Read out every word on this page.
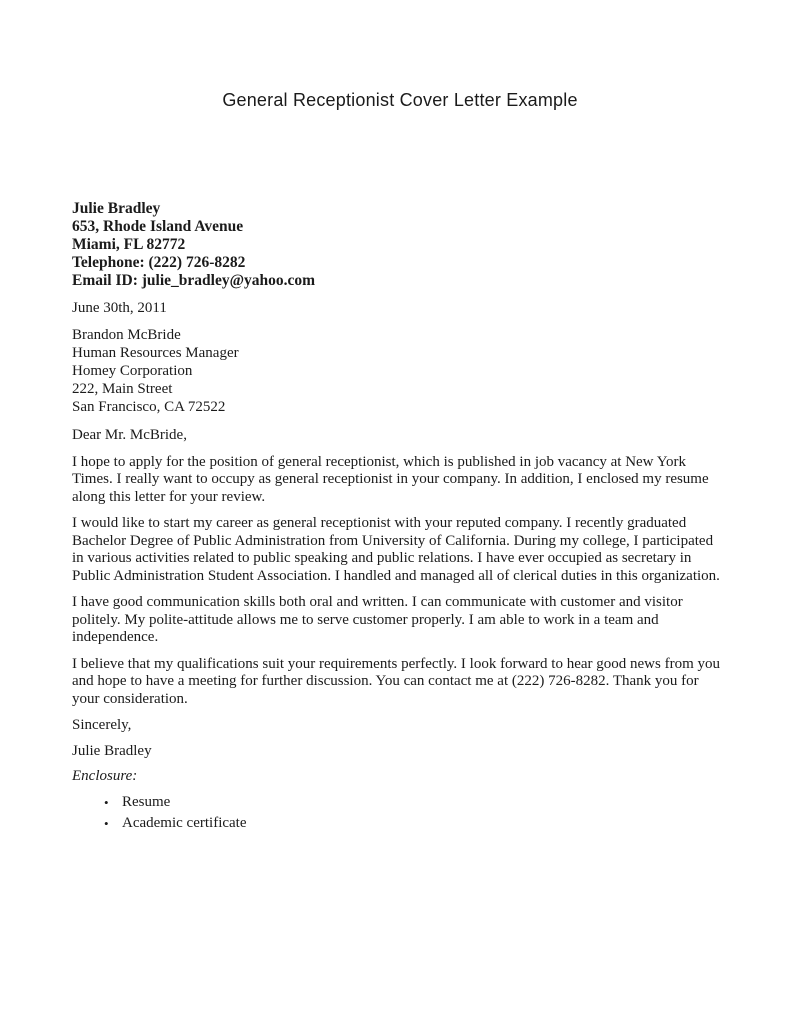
General Receptionist Cover Letter Example
Julie Bradley
653, Rhode Island Avenue
Miami, FL 82772
Telephone: (222) 726-8282
Email ID: julie_bradley@yahoo.com

June 30th, 2011

Brandon McBride
Human Resources Manager
Homey Corporation
222, Main Street
San Francisco, CA 72522

Dear Mr. McBride,

I hope to apply for the position of general receptionist, which is published in job vacancy at New York Times. I really want to occupy as general receptionist in your company. In addition, I enclosed my resume along this letter for your review.

I would like to start my career as general receptionist with your reputed company. I recently graduated Bachelor Degree of Public Administration from University of California. During my college, I participated in various activities related to public speaking and public relations. I have ever occupied as secretary in Public Administration Student Association. I handled and managed all of clerical duties in this organization.

I have good communication skills both oral and written. I can communicate with customer and visitor politely. My polite-attitude allows me to serve customer properly. I am able to work in a team and independence.

I believe that my qualifications suit your requirements perfectly. I look forward to hear good news from you and hope to have a meeting for further discussion. You can contact me at (222) 726-8282. Thank you for your consideration.

Sincerely,

Julie Bradley

Enclosure:

• Resume
• Academic certificate
